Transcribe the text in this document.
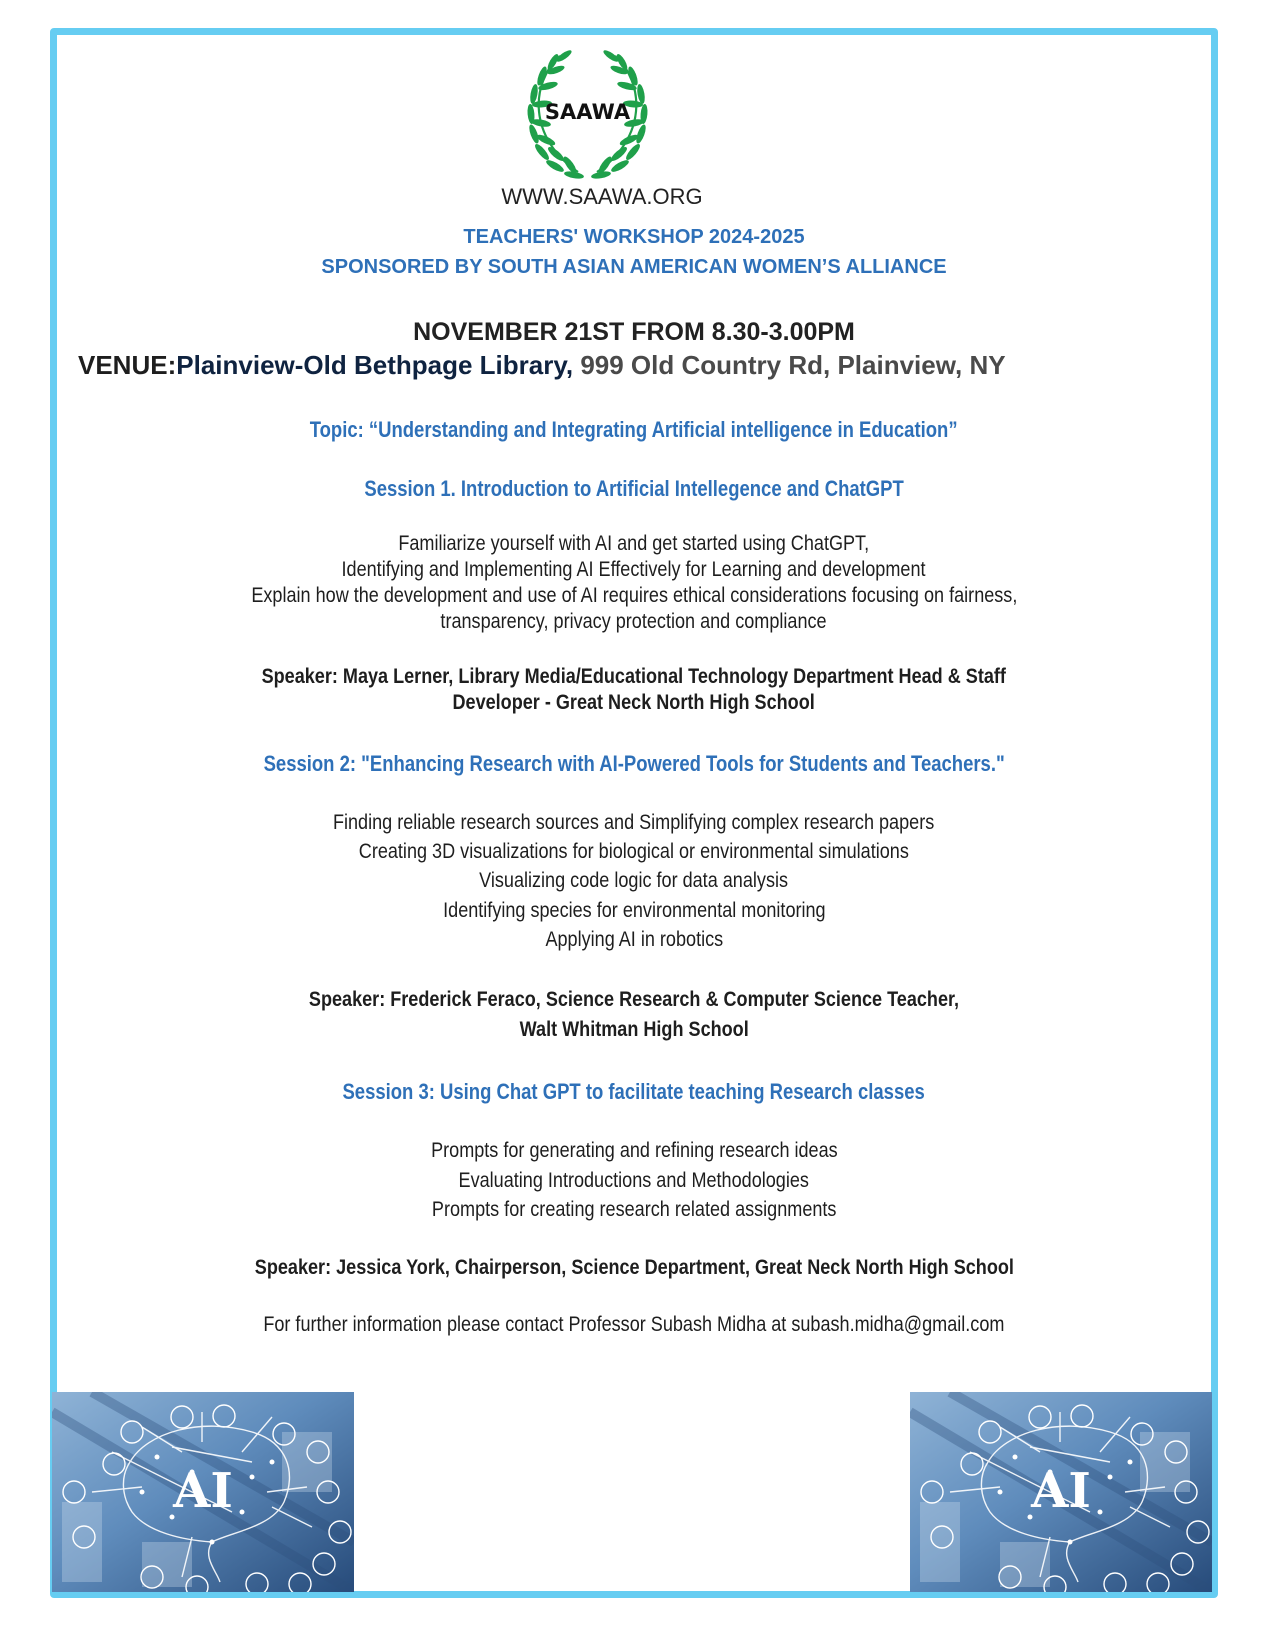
SAAWA
WWW.SAAWA.ORG
TEACHERS' WORKSHOP 2024-2025
SPONSORED BY SOUTH ASIAN AMERICAN WOMEN’S ALLIANCE
NOVEMBER 21ST FROM 8.30-3.00PM
VENUE:Plainview-Old Bethpage Library, 999 Old Country Rd, Plainview, NY
Topic: “Understanding and Integrating Artificial intelligence in Education”
Session 1. Introduction to Artificial Intellegence and ChatGPT
Familiarize yourself with AI and get started using ChatGPT,
Identifying and Implementing AI Effectively for Learning and development
Explain how the development and use of AI requires ethical considerations focusing on fairness,
transparency, privacy protection and compliance
Speaker: Maya Lerner, Library Media/Educational Technology Department Head & Staff
Developer - Great Neck North High School
Session 2: "Enhancing Research with AI-Powered Tools for Students and Teachers."
Finding reliable research sources and Simplifying complex research papers
Creating 3D visualizations for biological or environmental simulations
Visualizing code logic for data analysis
Identifying species for environmental monitoring
Applying AI in robotics
Speaker: Frederick Feraco, Science Research & Computer Science Teacher,
Walt Whitman High School
Session 3: Using Chat GPT to facilitate teaching Research classes
Prompts for generating and refining research ideas
Evaluating Introductions and Methodologies
Prompts for creating research related assignments
Speaker: Jessica York, Chairperson, Science Department, Great Neck North High School
For further information please contact Professor Subash Midha at subash.midha@gmail.com
AI	AI
